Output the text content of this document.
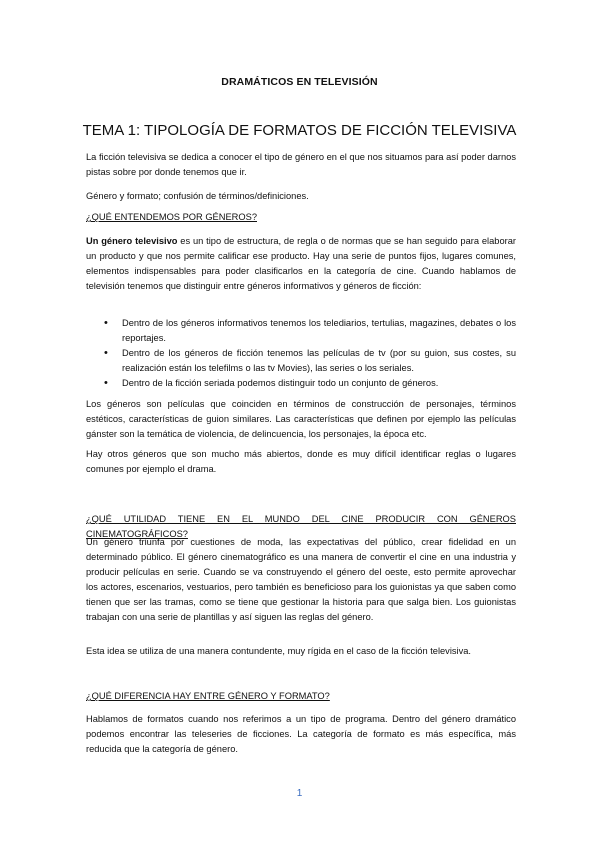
DRAMÁTICOS EN TELEVISIÓN
TEMA 1: TIPOLOGÍA DE FORMATOS DE FICCIÓN TELEVISIVA

La ficción televisiva se dedica a conocer el tipo de género en el que nos situamos para así poder darnos pistas sobre por donde tenemos que ir.

Género y formato; confusión de términos/definiciones.

¿QUÉ ENTENDEMOS POR GÉNEROS?

Un género televisivo es un tipo de estructura, de regla o de normas que se han seguido para elaborar un producto y que nos permite calificar ese producto. Hay una serie de puntos fijos, lugares comunes, elementos indispensables para poder clasificarlos en la categoría de cine. Cuando hablamos de televisión tenemos que distinguir entre géneros informativos y géneros de ficción:

• Dentro de los géneros informativos tenemos los telediarios, tertulias, magazines, debates o los reportajes.
• Dentro de los géneros de ficción tenemos las películas de tv (por su guion, sus costes, su realización están los telefilms o las tv Movies), las series o los seriales.
• Dentro de la ficción seriada podemos distinguir todo un conjunto de géneros.

Los géneros son películas que coinciden en términos de construcción de personajes, términos estéticos, características de guion similares. Las características que definen por ejemplo las películas gánster son la temática de violencia, de delincuencia, los personajes, la época etc.

Hay otros géneros que son mucho más abiertos, donde es muy difícil identificar reglas o lugares comunes por ejemplo el drama.

¿QUÉ UTILIDAD TIENE EN EL MUNDO DEL CINE PRODUCIR CON GÉNEROS CINEMATOGRÁFICOS?

Un género triunfa por cuestiones de moda, las expectativas del público, crear fidelidad en un determinado público. El género cinematográfico es una manera de convertir el cine en una industria y producir películas en serie. Cuando se va construyendo el género del oeste, esto permite aprovechar los actores, escenarios, vestuarios, pero también es beneficioso para los guionistas ya que saben como tienen que ser las tramas, como se tiene que gestionar la historia para que salga bien. Los guionistas trabajan con una serie de plantillas y así siguen las reglas del género.

Esta idea se utiliza de una manera contundente, muy rígida en el caso de la ficción televisiva.

¿QUÉ DIFERENCIA HAY ENTRE GÉNERO Y FORMATO?

Hablamos de formatos cuando nos referimos a un tipo de programa. Dentro del género dramático podemos encontrar las teleseries de ficciones. La categoría de formato es más específica, más reducida que la categoría de género.

1
